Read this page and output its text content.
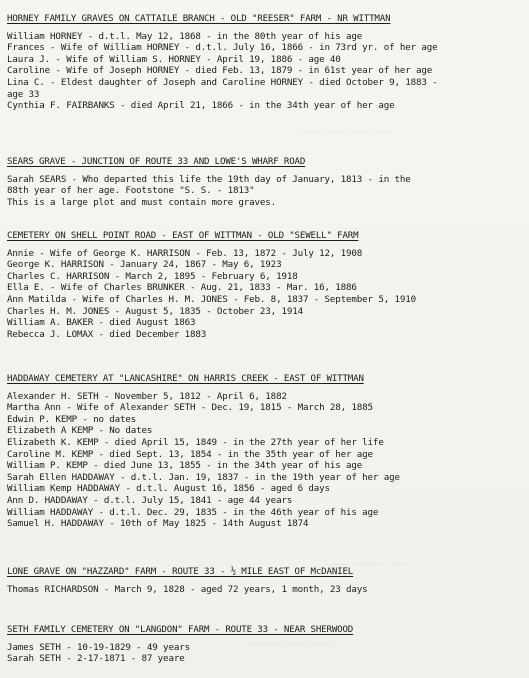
──── ──── ──── ────
──── ────── ────
────── ──── ─────
HORNEY FAMILY GRAVES ON CATTAILE BRANCH - OLD "REESER" FARM - NR WITTMAN
William HORNEY - d.t.l. May 12, 1868 - in the 80th year of his age
Frances - Wife of William HORNEY - d.t.l. July 16, 1866 - in 73rd yr. of her age
Laura J. - Wife of William S. HORNEY - April 19, 1886 - age 40
Caroline - Wife of Joseph HORNEY - died Feb. 13, 1879 - in 61st year of her age
Lina C. - Eldest daughter of Joseph and Caroline HORNEY - died October 9, 1883 -
age 33
Cynthia F. FAIRBANKS - died April 21, 1866 - in the 34th year of her age
SEARS GRAVE - JUNCTION OF ROUTE 33 AND LOWE'S WHARF ROAD
Sarah SEARS - Who departed this life the 19th day of January, 1813 - in the
88th year of her age. Footstone "S. S. - 1813"
This is a large plot and must contain more graves.
CEMETERY ON SHELL POINT ROAD - EAST OF WITTMAN - OLD "SEWELL" FARM
Annie - Wife of George K. HARRISON - Feb. 13, 1872 - July 12, 1908
George K. HARRISON - January 24, 1867 - May 6, 1923
Charles C. HARRISON - March 2, 1895 - February 6, 1918
Ella E. - Wife of Charles BRUNKER - Aug. 21, 1833 - Mar. 16, 1886
Ann Matilda - Wife of Charles H. M. JONES - Feb. 8, 1837 - September 5, 1910
Charles H. M. JONES - August 5, 1835 - October 23, 1914
William A. BAKER - died August 1863
Rebecca J. LOMAX - died December 1883
HADDAWAY CEMETERY AT "LANCASHIRE" ON HARRIS CREEK - EAST OF WITTMAN
Alexander H. SETH - November 5, 1812 - April 6, 1882
Martha Ann - Wife of Alexander SETH - Dec. 19, 1815 - March 28, 1885
Edwin P. KEMP - no dates
Elizabeth A KEMP - No dates
Elizabeth K. KEMP - died April 15, 1849 - in the 27th year of her life
Caroline M. KEMP - died Sept. 13, 1854 - in the 35th year of her age
William P. KEMP - died June 13, 1855 - in the 34th year of his age
Sarah Ellen HADDAWAY - d.t.l. Jan. 19, 1837 - in the 19th year of her age
William Kemp HADDAWAY - d.t.l. August 16, 1856 - aged 6 days
Ann D. HADDAWAY - d.t.l. July 15, 1841 - age 44 years
William HADDAWAY - d.t.l. Dec. 29, 1835 - in the 46th year of his age
Samuel H. HADDAWAY - 10th of May 1825 - 14th August 1874
LONE GRAVE ON "HAZZARD" FARM - ROUTE 33 - ½ MILE EAST OF McDANIEL
Thomas RICHARDSON - March 9, 1828 - aged 72 years, 1 month, 23 days
SETH FAMILY CEMETERY ON "LANGDON" FARM - ROUTE 33 - NEAR SHERWOOD
James SETH - 10-19-1829 - 49 years
Sarah SETH - 2-17-1871 - 87 yeare
